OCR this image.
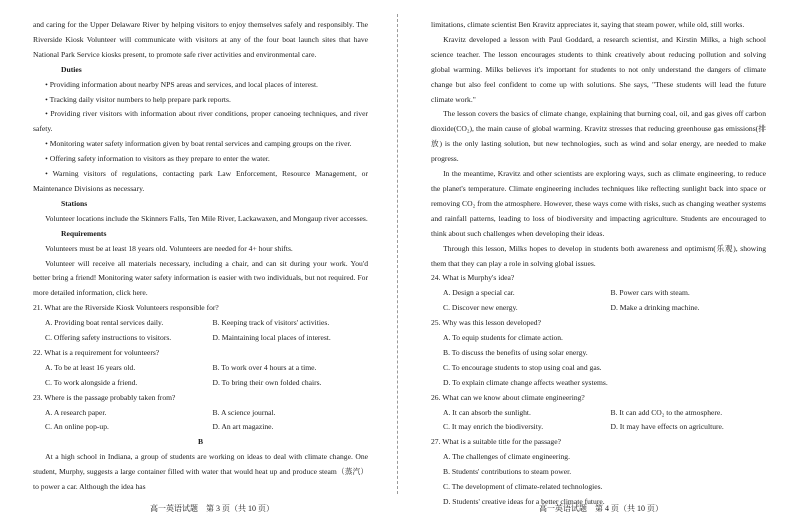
and caring for the Upper Delaware River by helping visitors to enjoy themselves safely and responsibly. The Riverside Kiosk Volunteer will communicate with visitors at any of the four boat launch sites that have National Park Service kiosks present, to promote safe river activities and environmental care.

Duties

• Providing information about nearby NPS areas and services, and local places of interest.

• Tracking daily visitor numbers to help prepare park reports.

• Providing river visitors with information about river conditions, proper canoeing techniques, and river safety.

• Monitoring water safety information given by boat rental services and camping groups on the river.

• Offering safety information to visitors as they prepare to enter the water.

• Warning visitors of regulations, contacting park Law Enforcement, Resource Management, or Maintenance Divisions as necessary.

Stations

Volunteer locations include the Skinners Falls, Ten Mile River, Lackawaxen, and Mongaup river accesses.

Requirements

Volunteers must be at least 18 years old. Volunteers are needed for 4+ hour shifts.

Volunteer will receive all materials necessary, including a chair, and can sit during your work. You'd better bring a friend! Monitoring water safety information is easier with two individuals, but not required. For more detailed information, click here.

21. What are the Riverside Kiosk Volunteers responsible for?

A. Providing boat rental services daily.	B. Keeping track of visitors' activities.
C. Offering safety instructions to visitors.	D. Maintaining local places of interest.

22. What is a requirement for volunteers?

A. To be at least 16 years old.	B. To work over 4 hours at a time.
C. To work alongside a friend.	D. To bring their own folded chairs.

23. Where is the passage probably taken from?

A. A research paper.	B. A science journal.
C. An online pop-up.	D. An art magazine.

B

At a high school in Indiana, a group of students are working on ideas to deal with climate change. One student, Murphy, suggests a large container filled with water that would heat up and produce steam（蒸汽）to power a car. Although the idea has

limitations, climate scientist Ben Kravitz appreciates it, saying that steam power, while old, still works.

Kravitz developed a lesson with Paul Goddard, a research scientist, and Kirstin Milks, a high school science teacher. The lesson encourages students to think creatively about reducing pollution and solving global warming. Milks believes it's important for students to not only understand the dangers of climate change but also feel confident to come up with solutions. She says, "These students will lead the future climate work."

The lesson covers the basics of climate change, explaining that burning coal, oil, and gas gives off carbon dioxide(CO₂), the main cause of global warming. Kravitz stresses that reducing greenhouse gas emissions(排放) is the only lasting solution, but new technologies, such as wind and solar energy, are needed to make progress.

In the meantime, Kravitz and other scientists are exploring ways, such as climate engineering, to reduce the planet's temperature. Climate engineering includes techniques like reflecting sunlight back into space or removing CO₂ from the atmosphere. However, these ways come with risks, such as changing weather systems and rainfall patterns, leading to loss of biodiversity and impacting agriculture. Students are encouraged to think about such challenges when developing their ideas.

Through this lesson, Milks hopes to develop in students both awareness and optimism(乐观), showing them that they can play a role in solving global issues.

24. What is Murphy's idea?

A. Design a special car.	B. Power cars with steam.
C. Discover new energy.	D. Make a drinking machine.

25. Why was this lesson developed?

A. To equip students for climate action.

B. To discuss the benefits of using solar energy.

C. To encourage students to stop using coal and gas.

D. To explain climate change affects weather systems.

26. What can we know about climate engineering?

A. It can absorb the sunlight.	B. It can add CO₂ to the atmosphere.
C. It may enrich the biodiversity.	D. It may have effects on agriculture.

27. What is a suitable title for the passage?

A. The challenges of climate engineering.

B. Students' contributions to steam power.

C. The development of climate-related technologies.

D. Students' creative ideas for a better climate future.

高一英语试题　第 3 页（共 10 页）	高一英语试题　第 4 页（共 10 页）
